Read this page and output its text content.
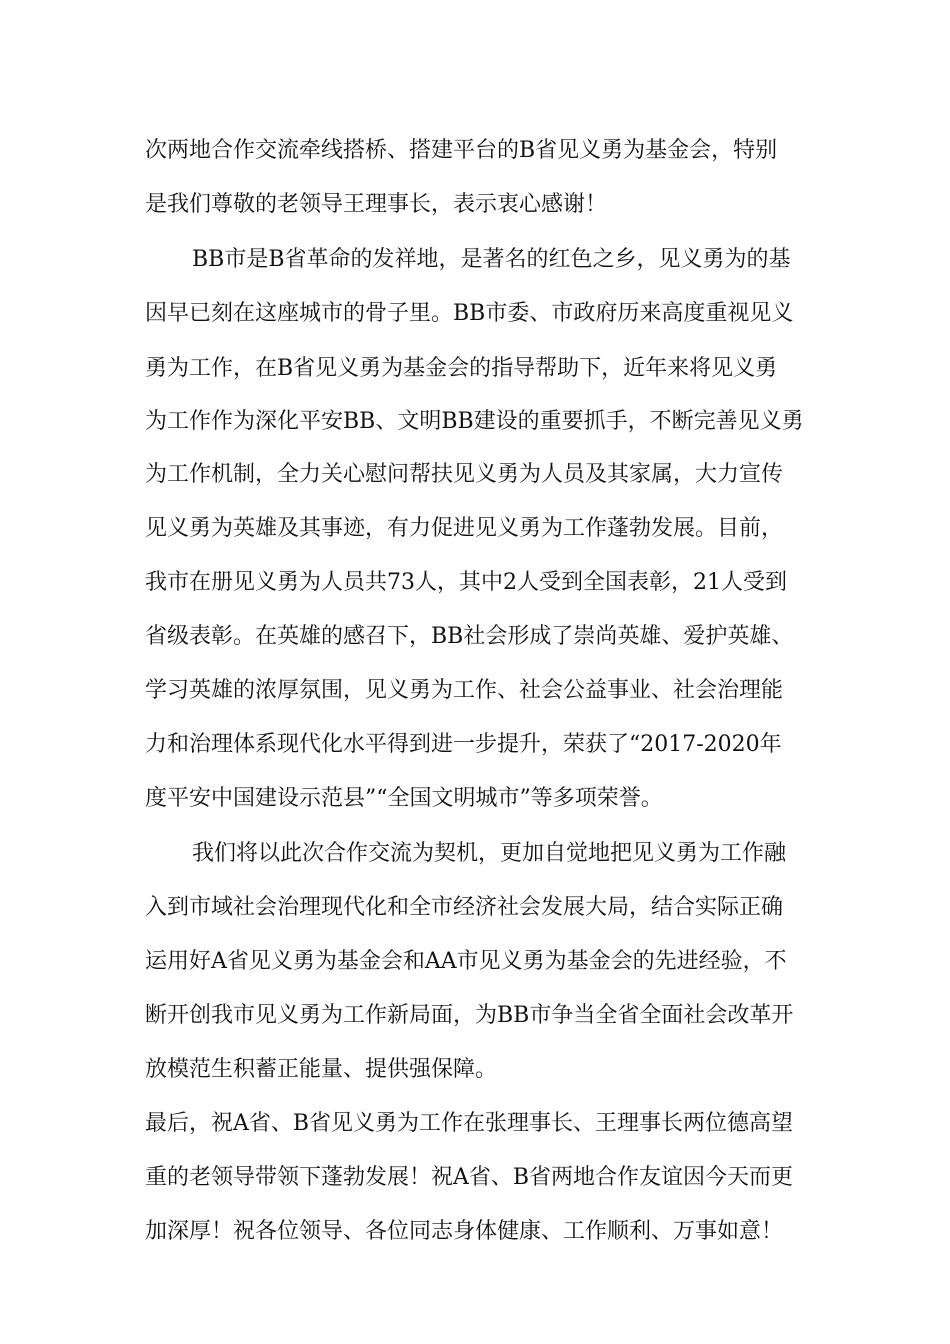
次两地合作交流牵线搭桥、搭建平台的B省见义勇为基金会，特别
是我们尊敬的老领导王理事长，表示衷心感谢！
BB市是B省革命的发祥地，是著名的红色之乡，见义勇为的基
因早已刻在这座城市的骨子里。BB市委、市政府历来高度重视见义
勇为工作，在B省见义勇为基金会的指导帮助下，近年来将见义勇
为工作作为深化平安BB、文明BB建设的重要抓手，不断完善见义勇
为工作机制，全力关心慰问帮扶见义勇为人员及其家属，大力宣传
见义勇为英雄及其事迹，有力促进见义勇为工作蓬勃发展。目前，
我市在册见义勇为人员共73人，其中2人受到全国表彰，21人受到
省级表彰。在英雄的感召下，BB社会形成了崇尚英雄、爱护英雄、
学习英雄的浓厚氛围，见义勇为工作、社会公益事业、社会治理能
力和治理体系现代化水平得到进一步提升，荣获了“2017-2020年
度平安中国建设示范县”“全国文明城市”等多项荣誉。
我们将以此次合作交流为契机，更加自觉地把见义勇为工作融
入到市域社会治理现代化和全市经济社会发展大局，结合实际正确
运用好A省见义勇为基金会和AA市见义勇为基金会的先进经验，不
断开创我市见义勇为工作新局面，为BB市争当全省全面社会改革开
放模范生积蓄正能量、提供强保障。
最后，祝A省、B省见义勇为工作在张理事长、王理事长两位德高望
重的老领导带领下蓬勃发展！祝A省、B省两地合作友谊因今天而更
加深厚！祝各位领导、各位同志身体健康、工作顺利、万事如意！
